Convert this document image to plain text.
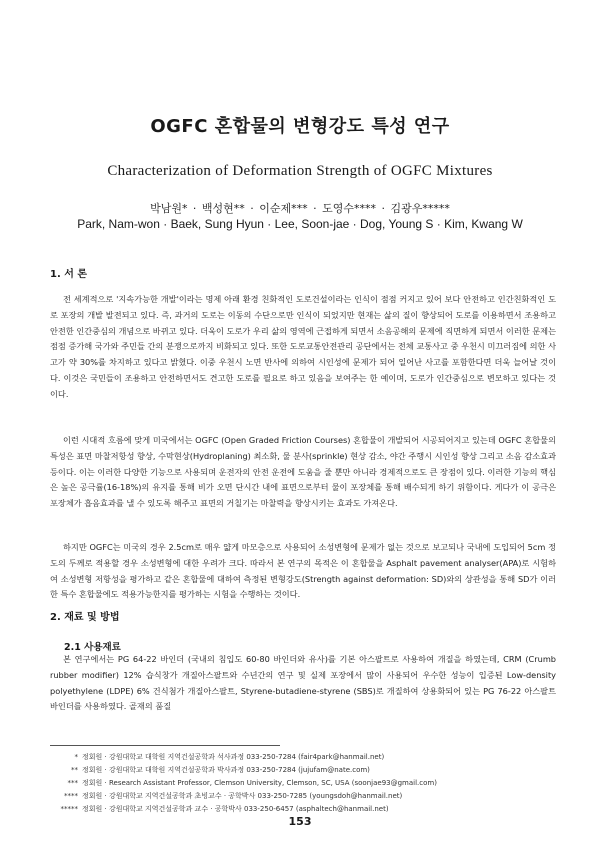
OGFC 혼합물의 변형강도 특성 연구
Characterization of Deformation Strength of OGFC Mixtures
박남원* · 백성현** · 이순제*** · 도영수**** · 김광우*****
Park, Nam-won · Baek, Sung Hyun · Lee, Soon-jae · Dog, Young S · Kim, Kwang W
1. 서 론
전 세계적으로 '지속가능한 개발'이라는 명제 아래 환경 친화적인 도로건설이라는 인식이 점점 커지고 있어 보다 안전하고 인간친화적인 도로 포장의 개발 발전되고 있다. 즉, 과거의 도로는 이동의 수단으로만 인식이 되었지만 현재는 삶의 질이 향상되어 도로를 이용하면서 조용하고 안전한 인간중심의 개념으로 바뀌고 있다. 더욱이 도로가 우리 삶의 영역에 근접하게 되면서 소음공해의 문제에 직면하게 되면서 이러한 문제는 점점 증가해 국가와 주민들 간의 분쟁으로까지 비화되고 있다. 또한 도로교통안전관리 공단에서는 전체 교통사고 중 우천시 미끄러짐에 의한 사고가 약 30%를 차지하고 있다고 밝혔다. 이중 우천시 노면 반사에 의하여 시인성에 문제가 되어 일어난 사고를 포함한다면 더욱 늘어날 것이다. 이것은 국민들이 조용하고 안전하면서도 견고한 도로를 필요로 하고 있음을 보여주는 한 예이며, 도로가 인간중심으로 변모하고 있다는 것이다.
이런 시대적 흐름에 맞게 미국에서는 OGFC (Open Graded Friction Courses) 혼합물이 개발되어 시공되어지고 있는데 OGFC 혼합물의 특성은 표면 마찰저항성 향상, 수막현상(Hydroplaning) 최소화, 물 분사(sprinkle) 현상 감소, 야간 주행시 시인성 향상 그리고 소음 감소효과 등이다. 이는 이러한 다양한 기능으로 사용되며 운전자의 안전 운전에 도움을 줄 뿐만 아니라 경제적으로도 큰 장점이 있다. 이러한 기능의 핵심은 높은 공극률(16-18%)의 유지를 통해 비가 오면 단시간 내에 표면으로부터 물이 포장체를 통해 배수되게 하기 위함이다. 게다가 이 공극은 포장체가 흡음효과를 낼 수 있도록 해주고 표면의 거칠기는 마찰력을 향상시키는 효과도 가져온다.
하지만 OGFC는 미국의 경우 2.5cm로 매우 얇게 마모층으로 사용되어 소성변형에 문제가 없는 것으로 보고되나 국내에 도입되어 5cm 정도의 두께로 적용할 경우 소성변형에 대한 우려가 크다. 따라서 본 연구의 목적은 이 혼합물을 Asphalt pavement analyser(APA)로 시험하여 소성변형 저항성을 평가하고 같은 혼합물에 대하여 측정된 변형강도(Strength against deformation: SD)와의 상관성을 통해 SD가 이러한 특수 혼합물에도 적용가능한지를 평가하는 시험을 수행하는 것이다.
2. 재료 및 방법
2.1 사용재료
본 연구에서는 PG 64-22 바인더 (국내의 침입도 60-80 바인더와 유사)를 기본 아스팔트로 사용하여 개질을 하였는데, CRM (Crumb rubber modifier) 12% 습식창가 개질아스팔트와 수년간의 연구 및 실제 포장에서 많이 사용되어 우수한 성능이 입증된 Low-density polyethylene (LDPE) 6% 건식첨가 개질아스팔트, Styrene-butadiene-styrene (SBS)로 개질하여 상용화되어 있는 PG 76-22 아스팔트 바인더를 사용하였다. 골재의 품질
* 정회원 · 강원대학교 대학원 지역건설공학과 석사과정 033-250-7284 (fair4park@hanmail.net)
** 정회원 · 강원대학교 대학원 지역건설공학과 박사과정 033-250-7284 (jujufam@nate.com)
*** 정회원 · Research Assistant Professor, Clemson University, Clemson, SC, USA (soonjae93@gmail.com)
**** 정회원 · 강원대학교 지역건설공학과 초빙교수 · 공학박사 033-250-7285 (youngsdoh@hanmail.net)
***** 정회원 · 강원대학교 지역건설공학과 교수 · 공학박사 033-250-6457 (asphaltech@hanmail.net)
153
